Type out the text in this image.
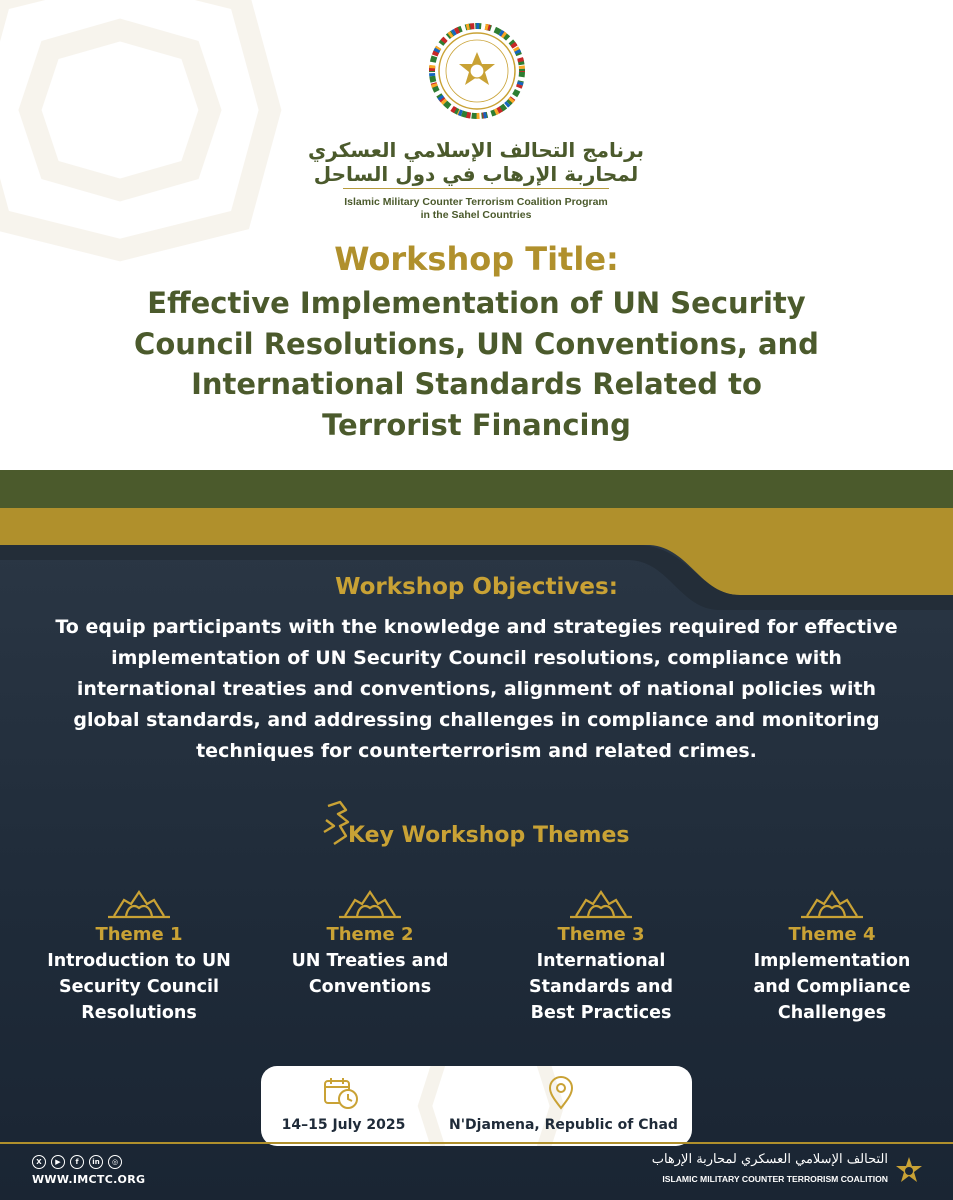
برنامج التحالف الإسلامي العسكري
لمحاربة الإرهاب في دول الساحل
Islamic Military Counter Terrorism Coalition Program
in the Sahel Countries
Workshop Title:
Effective Implementation of UN Security
Council Resolutions, UN Conventions, and
International Standards Related to
Terrorist Financing
Workshop Objectives:
To equip participants with the knowledge and strategies required for effective
implementation of UN Security Council resolutions, compliance with
international treaties and conventions, alignment of national policies with
global standards, and addressing challenges in compliance and monitoring
techniques for counterterrorism and related crimes.
Key Workshop Themes
Theme 1
Introduction to UN
Security Council
Resolutions
Theme 2
UN Treaties and
Conventions
Theme 3
International
Standards and
Best Practices
Theme 4
Implementation
and Compliance
Challenges
14–15 July 2025	N'Djamena, Republic of Chad
X	▶	f	in	◎
WWW.IMCTC.ORG
التحالف الإسلامي العسكري لمحاربة الإرهاب
ISLAMIC MILITARY COUNTER TERRORISM COALITION
